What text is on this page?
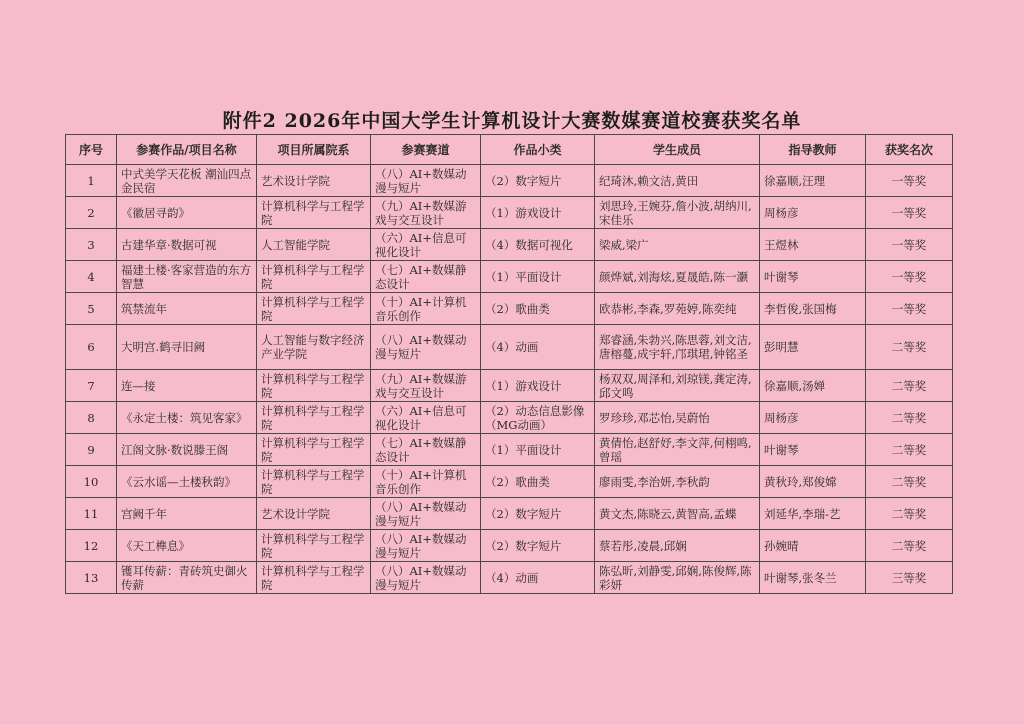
附件2 2026年中国大学生计算机设计大赛数媒赛道校赛获奖名单
序号	参赛作品/项目名称	项目所属院系	参赛赛道	作品小类	学生成员	指导教师	获奖名次
1	中式美学天花板 潮汕四点金民宿	艺术设计学院	（八）AI+数媒动漫与短片	（2）数字短片	纪琦沐,赖文洁,黄田	徐嘉顺,汪理	一等奖
2	《徽居寻韵》	计算机科学与工程学院	（九）AI+数媒游戏与交互设计	（1）游戏设计	刘思玲,王婉芬,詹小波,胡纳川,宋佳乐	周杨彦	一等奖
3	古建华章·数据可视	人工智能学院	（六）AI+信息可视化设计	（4）数据可视化	梁威,梁广	王煜林	一等奖
4	福建土楼·客家营造的东方智慧	计算机科学与工程学院	（七）AI+数媒静态设计	（1）平面设计	颜烨斌,刘海炫,夏晟皓,陈一灏	叶谢琴	一等奖
5	筑禁流年	计算机科学与工程学院	（十）AI+计算机音乐创作	（2）歌曲类	欧恭彬,李森,罗苑婷,陈奕纯	李哲俊,张国梅	一等奖
6	大明宫.鹤寻旧阙	人工智能与数字经济产业学院	（八）AI+数媒动漫与短片	（4）动画	郑睿涵,朱勃兴,陈思蓉,刘文洁,唐榕蔓,成宇轩,邝琪珺,钟铭圣	彭明慧	二等奖
7	连—接	计算机科学与工程学院	（九）AI+数媒游戏与交互设计	（1）游戏设计	杨双双,周泽和,刘琼镁,龚定涛,邱文鸣	徐嘉顺,汤婵	二等奖
8	《永定土楼：筑见客家》	计算机科学与工程学院	（六）AI+信息可视化设计	（2）动态信息影像（MG动画）	罗珍珍,邓芯怡,吴蔚怡	周杨彦	二等奖
9	江阁文脉·数说滕王阁	计算机科学与工程学院	（七）AI+数媒静态设计	（1）平面设计	黄倩怡,赵舒妤,李文萍,何栩鸣,曾瑶	叶谢琴	二等奖
10	《云水谣—土楼秋韵》	计算机科学与工程学院	（十）AI+计算机音乐创作	（2）歌曲类	廖雨雯,李治妍,李秋韵	黄秋玲,郑俊嫦	二等奖
11	宫阙千年	艺术设计学院	（八）AI+数媒动漫与短片	（2）数字短片	黄文杰,陈晓云,黄智高,孟蝶	刘延华,李瑞-艺	二等奖
12	《天工榫息》	计算机科学与工程学院	（八）AI+数媒动漫与短片	（2）数字短片	蔡若彤,凌晨,邱娴	孙婉晴	二等奖
13	镬耳传薪：青砖筑史御火传薪	计算机科学与工程学院	（八）AI+数媒动漫与短片	（4）动画	陈弘昕,刘静雯,邱娴,陈俊辉,陈彩妍	叶谢琴,张冬兰	三等奖
